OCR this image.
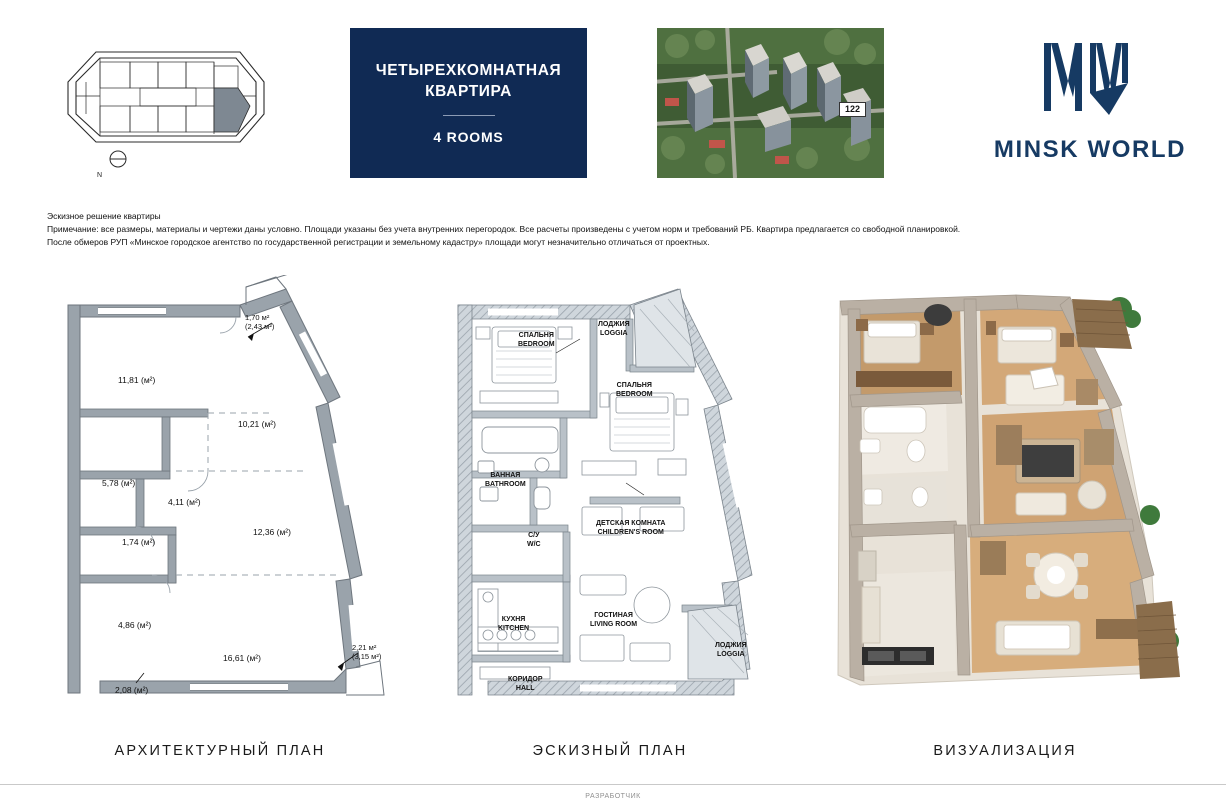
N
ЧЕТЫРЕХКОМНАТНАЯ
КВАРТИРА
4 ROOMS
122
MINSK WORLD
Эскизное решение квартиры
Примечание: все размеры, материалы и чертежи даны условно. Площади указаны без учета внутренних перегородок. Все расчеты произведены с учетом норм и требований РБ. Квартира предлагается со свободной планировкой.
После обмеров РУП «Минское городское агентство по государственной регистрации и земельному кадастру» площади могут незначительно отличаться от проектных.
1,70 м²
(2,43 м²)
11,81 (м²)
10,21 (м²)
5,78 (м²)
4,11 (м²)
12,36 (м²)
1,74 (м²)
4,86 (м²)
16,61 (м²)
2,08 (м²)
2,21 м²
(3,15 м²)
АРХИТЕКТУРНЫЙ ПЛАН
СПАЛЬНЯ
BEDROOM
ЛОДЖИЯ
LOGGIA
СПАЛЬНЯ
BEDROOM
ВАННАЯ
BATHROOM
С/У
W/C
ДЕТСКАЯ КОМНАТА
CHILDREN'S ROOM
ГОСТИНАЯ
LIVING ROOM
КУХНЯ
KITCHEN
КОРИДОР
HALL
ЛОДЖИЯ
LOGGIA
ЭСКИЗНЫЙ ПЛАН	ВИЗУАЛИЗАЦИЯ
РАЗРАБОТЧИК
